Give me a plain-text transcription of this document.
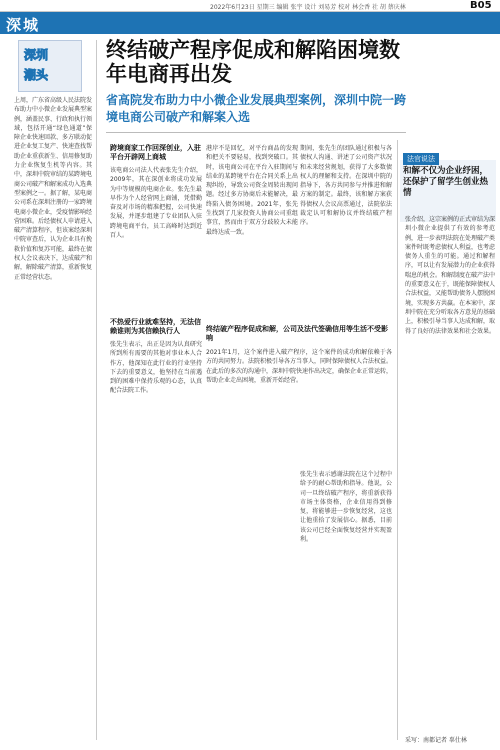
2022年6月23日 星期三 编辑 张宇 设计 刘易芳 校对 林会香 社 胡 蔡庆林	B05
深城
深圳
潮头
上周，广东省高级人民法院发布助力中小微企业发展典型案例，涵盖民事、行政和执行领域，包括开通“绿色通道”保障企业快速回款、多方联动促进企业复工复产、快速查找帮助企业重获新生、信用修复助力企业恢复生机等内容。其中，深圳中院审结的某跨境电商公司破产和解案成功入选典型案例之一。据了解，某电商公司系在深圳注册的一家跨境电商小微企业，受疫情影响经营困难。后经债权人申请进入破产清算程序，但该案经深圳中院审查后，认为企业具有挽救价值和复苏可能，最终在债权人会议表决下，达成破产和解，解除破产清算，重新恢复正常经营状态。
终结破产程序促成和解陷困境数年电商再出发
省高院发布助力中小微企业发展典型案例，深圳中院一跨境电商公司破产和解案入选
跨境商家工作回深创业，入驻平台开辟网上商城
该电商公司法人代表张先生介绍，2009年，其在深创业将成功发展为中等规模的电商企业。张先生最早作为个人经营网上商铺，凭借勤奋及对市场的精准把握，公司快速发展，并逐步组建了专业团队入驻跨境电商平台，员工高峰时达到近百人。
不热爱行业就难坚持，无法信赖谁则为其信赖执行人
张先生表示，出正是因为认真研究所到所有需要的其他对事业本人合作方，他深知在此行业的行业坚持下去的重要意义，他坚持在当前遇到的困难中保持乐观的心态，认真配合法院工作。
港岸不是回忆，对平台商品的发现和把关不要轻易，找到突破口。其时，该电商公司在平台入驻期间与结业的某跨境平台在合同关系上出现纠纷，导致公司资金周转出现问题。经过多方协商后未能解决，最终陷入债务困境。2021年，张先生找到了几家投资人协商公司重组事宜，然而由于双方分歧较大未能最终达成一致。
期间，张先生的团队通过积极与各债权人沟通、讲述了公司资产状况和未来经营规划，获得了大多数债权人的理解和支持。在深圳中院的指导下，各方共同参与并推进和解方案的制定。最终，该和解方案获得债权人会议高票通过，法院依法裁定认可和解协议并终结破产程序。
终结破产程序促成和解，公司及法代签确信用等生活不受影响
2021年1月，这个案件进入破产程序，这个案件的成功和解依赖于各方的共同努力。法院积极引导各方当事人，同时保障债权人合法权益。在此后的多次的沟通中，深圳中院快速作出决定，确保企业正常运转，帮助企业走出困境，重新开始经营。
张先生表示感谢法院在这个过程中给予的耐心帮助和指导。他说，公司一旦终结破产程序，将重新获得市场主体资格，企业信用得到修复，将能够进一步恢复经营，这也让他重拾了发展信心。据悉，目前该公司已经全面恢复经营并实现盈利。
法官说法
和解不仅为企业纾困，还保护了留学生创业热情
张介绍，这宗案例的正式审结为深圳小微企业提供了有效的参考范例，进一步表明法院在处理破产类案件时既考虑债权人利益，也考虑债务人重生的可能。通过和解程序，可以让有发展潜力的企业获得喘息的机会。和解制度在破产法中的重要意义在于，既能保障债权人合法权益，又能帮助债务人摆脱困境，实现多方共赢。在本案中，深圳中院在充分听取各方意见的基础上，积极引导当事人达成和解，取得了良好的法律效果和社会效果。
采写：南都记者 辜仕林
